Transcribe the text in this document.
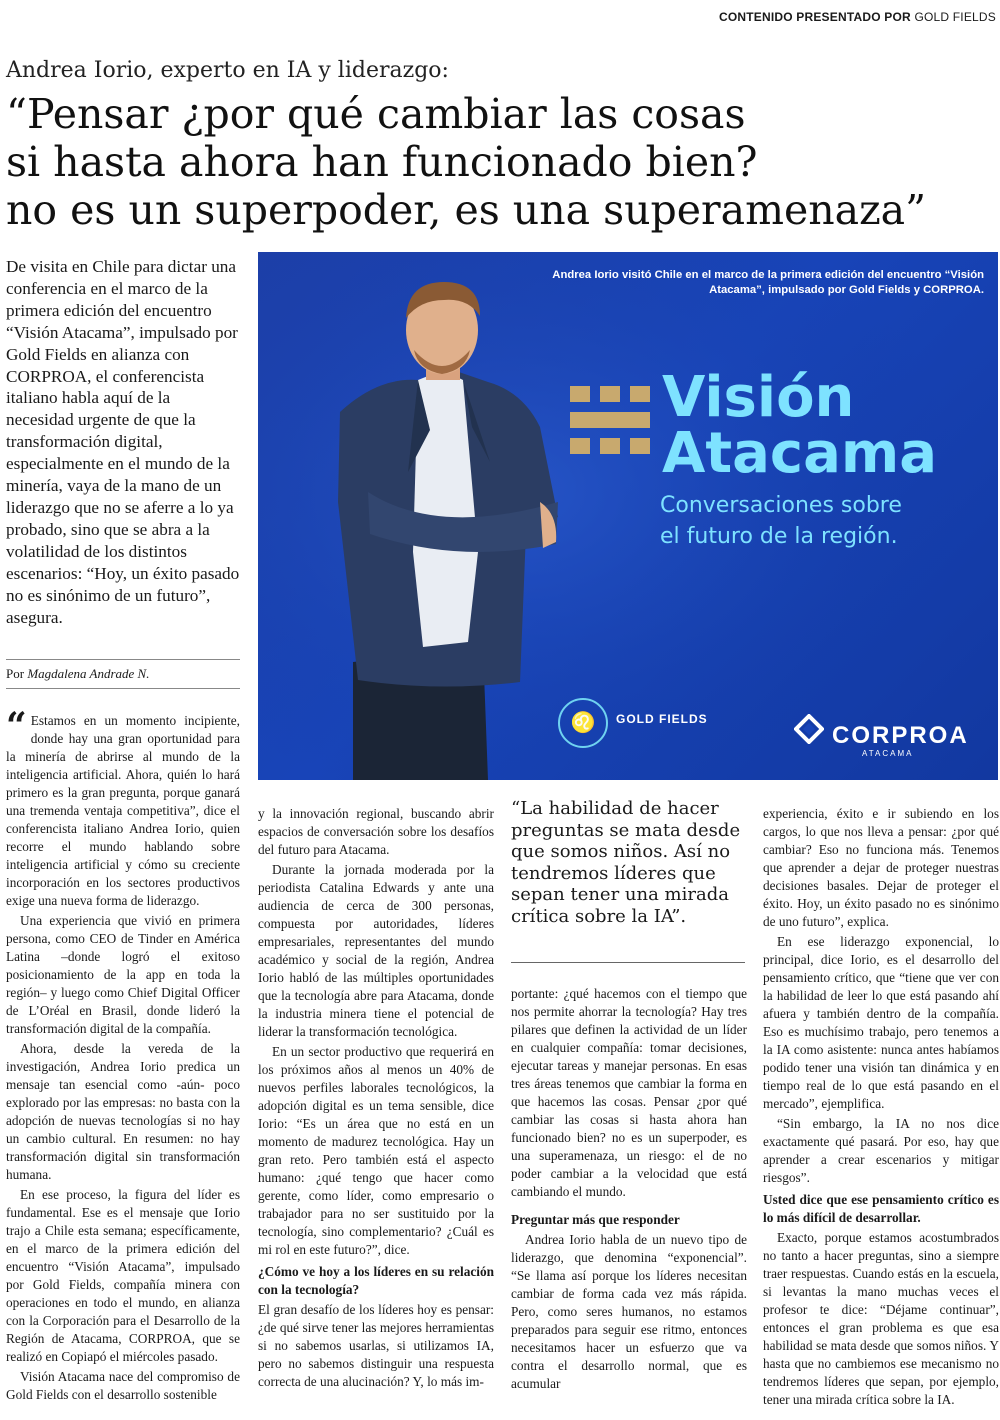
CONTENIDO PRESENTADO POR GOLD FIELDS
Andrea Iorio, experto en IA y liderazgo:
“Pensar ¿por qué cambiar las cosas
si hasta ahora han funcionado bien?
no es un superpoder, es una superamenaza”
De visita en Chile para dictar una conferencia en el marco de la primera edición del encuentro “Visión Atacama”, impulsado por Gold Fields en alianza con CORPROA, el conferencista italiano habla aquí de la necesidad urgente de que la transformación digital, especialmente en el mundo de la minería, vaya de la mano de un liderazgo que no se aferre a lo ya probado, sino que se abra a la volatilidad de los distintos escenarios: “Hoy, un éxito pasado no es sinónimo de un futuro”, asegura.
Por Magdalena Andrade N.
Andrea Iorio visitó Chile en el marco de la primera edición del encuentro “Visión Atacama”, impulsado por Gold Fields y CORPROA.
Visión
Atacama
Conversaciones sobre
el futuro de la región.
♌	GOLD FIELDS
CORPROA
ATACAMA

“ Estamos en un momento incipiente, donde hay una gran oportunidad para la minería de abrirse al mundo de la inteligencia artificial. Ahora, quién lo hará primero es la gran pregunta, porque ganará una tremenda ventaja competitiva”, dice el conferencista italiano Andrea Iorio, quien recorre el mundo hablando sobre inteligencia artificial y cómo su creciente incorporación en los sectores productivos exige una nueva forma de liderazgo.

Una experiencia que vivió en primera persona, como CEO de Tinder en América Latina –donde logró el exitoso posicionamiento de la app en toda la región– y luego como Chief Digital Officer de L’Oréal en Brasil, donde lideró la transformación digital de la compañía.

Ahora, desde la vereda de la investigación, Andrea Iorio predica un mensaje tan esencial como -aún- poco explorado por las empresas: no basta con la adopción de nuevas tecnologías si no hay un cambio cultural. En resumen: no hay transformación digital sin transformación humana.

En ese proceso, la figura del líder es fundamental. Ese es el mensaje que Iorio trajo a Chile esta semana; específicamente, en el marco de la primera edición del encuentro “Visión Atacama”, impulsado por Gold Fields, compañía minera con operaciones en todo el mundo, en alianza con la Corporación para el Desarrollo de la Región de Atacama, CORPROA, que se realizó en Copiapó el miércoles pasado.

Visión Atacama nace del compromiso de Gold Fields con el desarrollo sostenible

y la innovación regional, buscando abrir espacios de conversación sobre los desafíos del futuro para Atacama.

Durante la jornada moderada por la periodista Catalina Edwards y ante una audiencia de cerca de 300 personas, compuesta por autoridades, líderes empresariales, representantes del mundo académico y social de la región, Andrea Iorio habló de las múltiples oportunidades que la tecnología abre para Atacama, donde la industria minera tiene el potencial de liderar la transformación tecnológica.

En un sector productivo que requerirá en los próximos años al menos un 40% de nuevos perfiles laborales tecnológicos, la adopción digital es un tema sensible, dice Iorio: “Es un área que no está en un momento de madurez tecnológica. Hay un gran reto. Pero también está el aspecto humano: ¿qué tengo que hacer como gerente, como líder, como empresario o trabajador para no ser sustituido por la tecnología, sino complementario? ¿Cuál es mi rol en este futuro?”, dice.

¿Cómo ve hoy a los líderes en su relación con la tecnología?

El gran desafío de los líderes hoy es pensar: ¿de qué sirve tener las mejores herramientas si no sabemos usarlas, si utilizamos IA, pero no sabemos distinguir una respuesta correcta de una alucinación? Y, lo más im-

“La habilidad de hacer preguntas se mata desde que somos niños. Así no tendremos líderes que sepan tener una mirada crítica sobre la IA”.

portante: ¿qué hacemos con el tiempo que nos permite ahorrar la tecnología? Hay tres pilares que definen la actividad de un líder en cualquier compañía: tomar decisiones, ejecutar tareas y manejar personas. En esas tres áreas tenemos que cambiar la forma en que hacemos las cosas. Pensar ¿por qué cambiar las cosas si hasta ahora han funcionado bien? no es un superpoder, es una superamenaza, un riesgo: el de no poder cambiar a la velocidad que está cambiando el mundo.

Preguntar más que responder

Andrea Iorio habla de un nuevo tipo de liderazgo, que denomina “exponencial”. “Se llama así porque los líderes necesitan cambiar de forma cada vez más rápida. Pero, como seres humanos, no estamos preparados para seguir ese ritmo, entonces necesitamos hacer un esfuerzo que va contra el desarrollo normal, que es acumular

experiencia, éxito e ir subiendo en los cargos, lo que nos lleva a pensar: ¿por qué cambiar? Eso no funciona más. Tenemos que aprender a dejar de proteger nuestras decisiones basales. Dejar de proteger el éxito. Hoy, un éxito pasado no es sinónimo de uno futuro”, explica.

En ese liderazgo exponencial, lo principal, dice Iorio, es el desarrollo del pensamiento crítico, que “tiene que ver con la habilidad de leer lo que está pasando ahí afuera y también dentro de la compañía. Eso es muchísimo trabajo, pero tenemos a la IA como asistente: nunca antes habíamos podido tener una visión tan dinámica y en tiempo real de lo que está pasando en el mercado”, ejemplifica.

“Sin embargo, la IA no nos dice exactamente qué pasará. Por eso, hay que aprender a crear escenarios y mitigar riesgos”.

Usted dice que ese pensamiento crítico es lo más difícil de desarrollar.

Exacto, porque estamos acostumbrados no tanto a hacer preguntas, sino a siempre traer respuestas. Cuando estás en la escuela, si levantas la mano muchas veces el profesor te dice: “Déjame continuar”, entonces el gran problema es que esa habilidad se mata desde que somos niños. Y hasta que no cambiemos ese mecanismo no tendremos líderes que sepan, por ejemplo, tener una mirada crítica sobre la IA.
